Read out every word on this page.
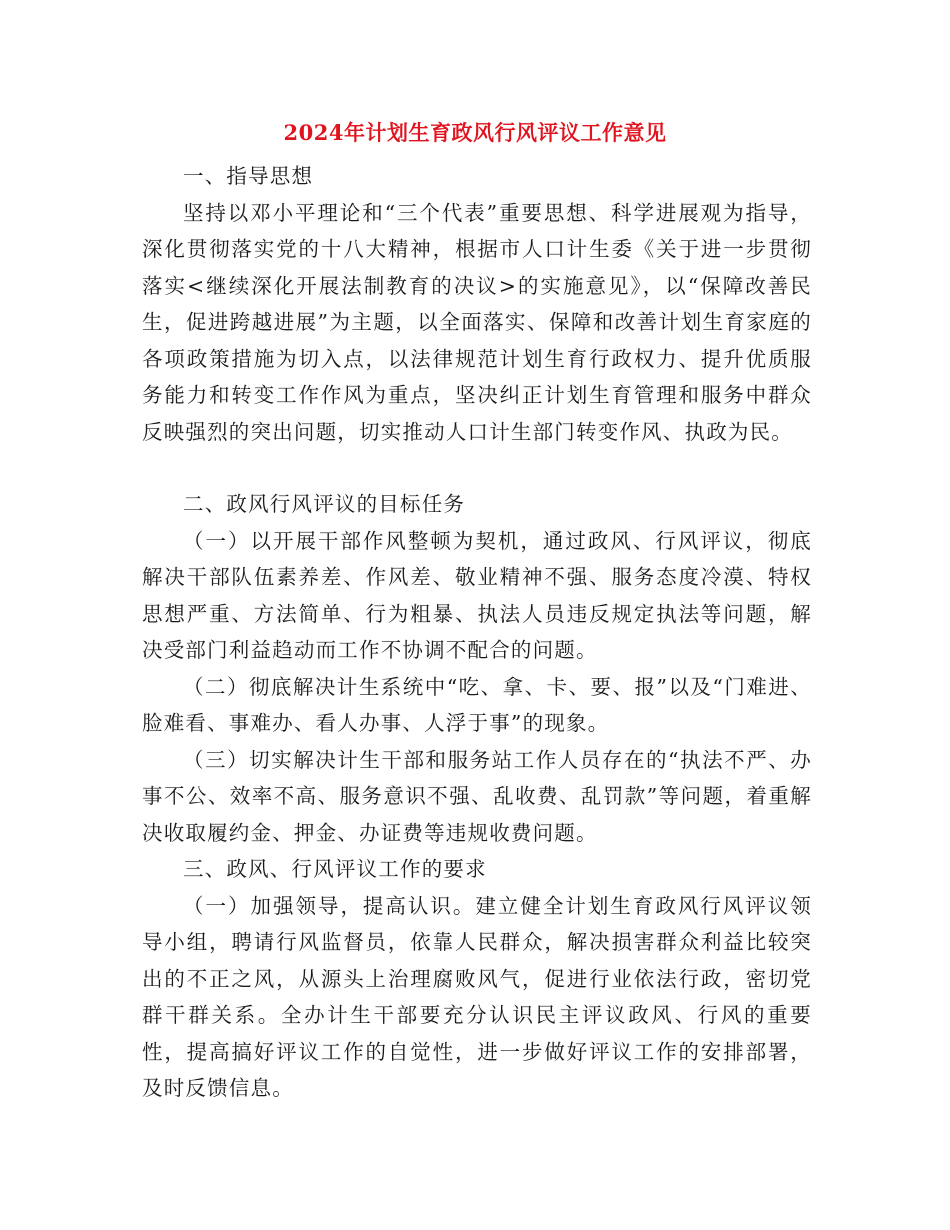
2024年计划生育政风行风评议工作意见

一、指导思想

坚持以邓小平理论和“三个代表”重要思想、科学进展观为指导，深化贯彻落实党的十八大精神，根据市人口计生委《关于进一步贯彻落实<继续深化开展法制教育的决议>的实施意见》，以“保障改善民生，促进跨越进展”为主题，以全面落实、保障和改善计划生育家庭的各项政策措施为切入点，以法律规范计划生育行政权力、提升优质服务能力和转变工作作风为重点，坚决纠正计划生育管理和服务中群众反映强烈的突出问题，切实推动人口计生部门转变作风、执政为民。

二、政风行风评议的目标任务

（一）以开展干部作风整顿为契机，通过政风、行风评议，彻底解决干部队伍素养差、作风差、敬业精神不强、服务态度冷漠、特权思想严重、方法简单、行为粗暴、执法人员违反规定执法等问题，解决受部门利益趋动而工作不协调不配合的问题。

（二）彻底解决计生系统中“吃、拿、卡、要、报”以及“门难进、脸难看、事难办、看人办事、人浮于事”的现象。

（三）切实解决计生干部和服务站工作人员存在的“执法不严、办事不公、效率不高、服务意识不强、乱收费、乱罚款”等问题，着重解决收取履约金、押金、办证费等违规收费问题。

三、政风、行风评议工作的要求

（一）加强领导，提高认识。建立健全计划生育政风行风评议领导小组，聘请行风监督员，依靠人民群众，解决损害群众利益比较突出的不正之风，从源头上治理腐败风气，促进行业依法行政，密切党群干群关系。全办计生干部要充分认识民主评议政风、行风的重要性，提高搞好评议工作的自觉性，进一步做好评议工作的安排部署，及时反馈信息。
